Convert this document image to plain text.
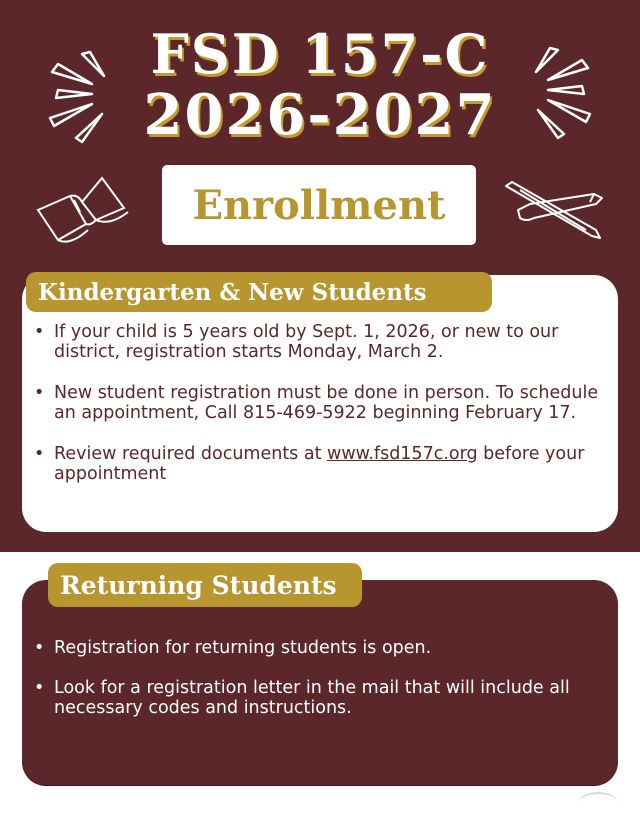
FSD 157-C
2026-2027
Enrollment
Kindergarten & New Students
• If your child is 5 years old by Sept. 1, 2026, or new to our district, registration starts Monday, March 2.
• New student registration must be done in person. To schedule an appointment, Call 815-469-5922 beginning February 17.
• Review required documents at www.fsd157c.org before your appointment
Returning Students
• Registration for returning students is open.
• Look for a registration letter in the mail that will include all necessary codes and instructions.
